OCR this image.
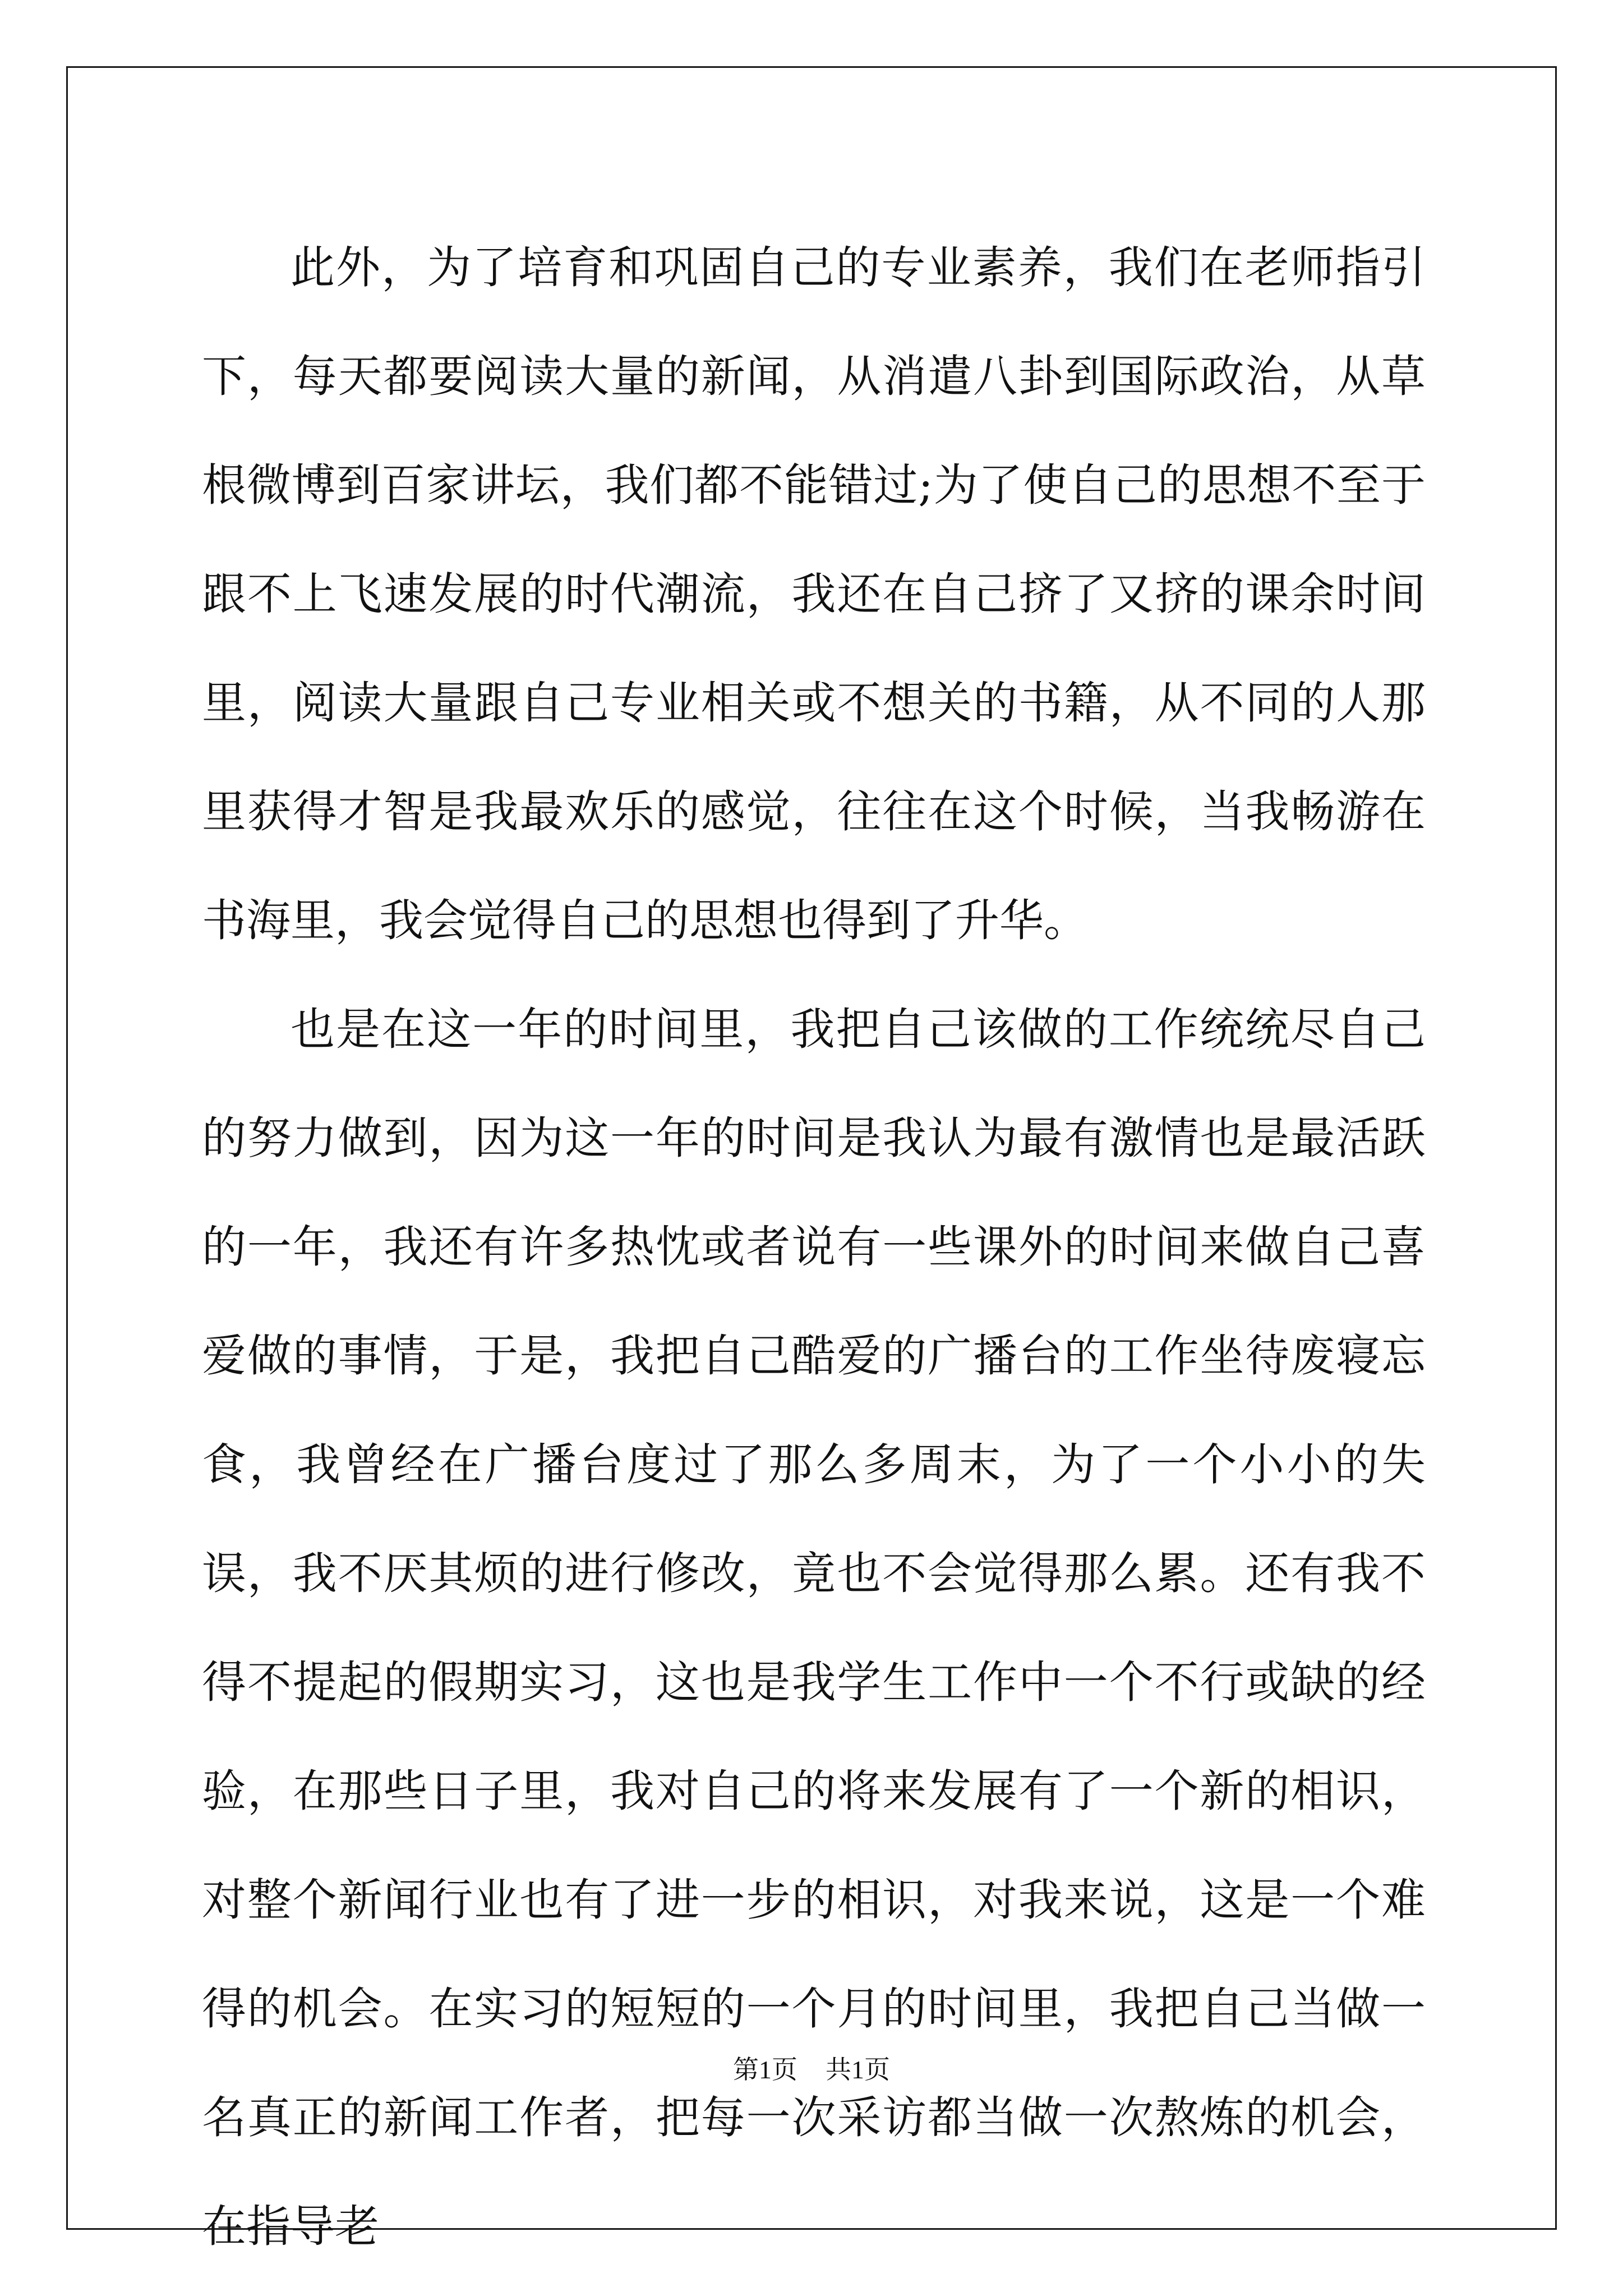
此外，为了培育和巩固自己的专业素养，我们在老师指引下，每天都要阅读大量的新闻，从消遣八卦到国际政治，从草根微博到百家讲坛，我们都不能错过;为了使自己的思想不至于跟不上飞速发展的时代潮流，我还在自己挤了又挤的课余时间里，阅读大量跟自己专业相关或不想关的书籍，从不同的人那里获得才智是我最欢乐的感觉，往往在这个时候，当我畅游在书海里，我会觉得自己的思想也得到了升华。

也是在这一年的时间里，我把自己该做的工作统统尽自己的努力做到，因为这一年的时间是我认为最有激情也是最活跃的一年，我还有许多热忱或者说有一些课外的时间来做自己喜爱做的事情，于是，我把自己酷爱的广播台的工作坐待废寝忘食，我曾经在广播台度过了那么多周末，为了一个小小的失误，我不厌其烦的进行修改，竟也不会觉得那么累。还有我不得不提起的假期实习，这也是我学生工作中一个不行或缺的经验，在那些日子里，我对自己的将来发展有了一个新的相识，对整个新闻行业也有了进一步的相识，对我来说，这是一个难得的机会。在实习的短短的一个月的时间里，我把自己当做一名真正的新闻工作者，把每一次采访都当做一次熬炼的机会，在指导老

第1页 共1页
